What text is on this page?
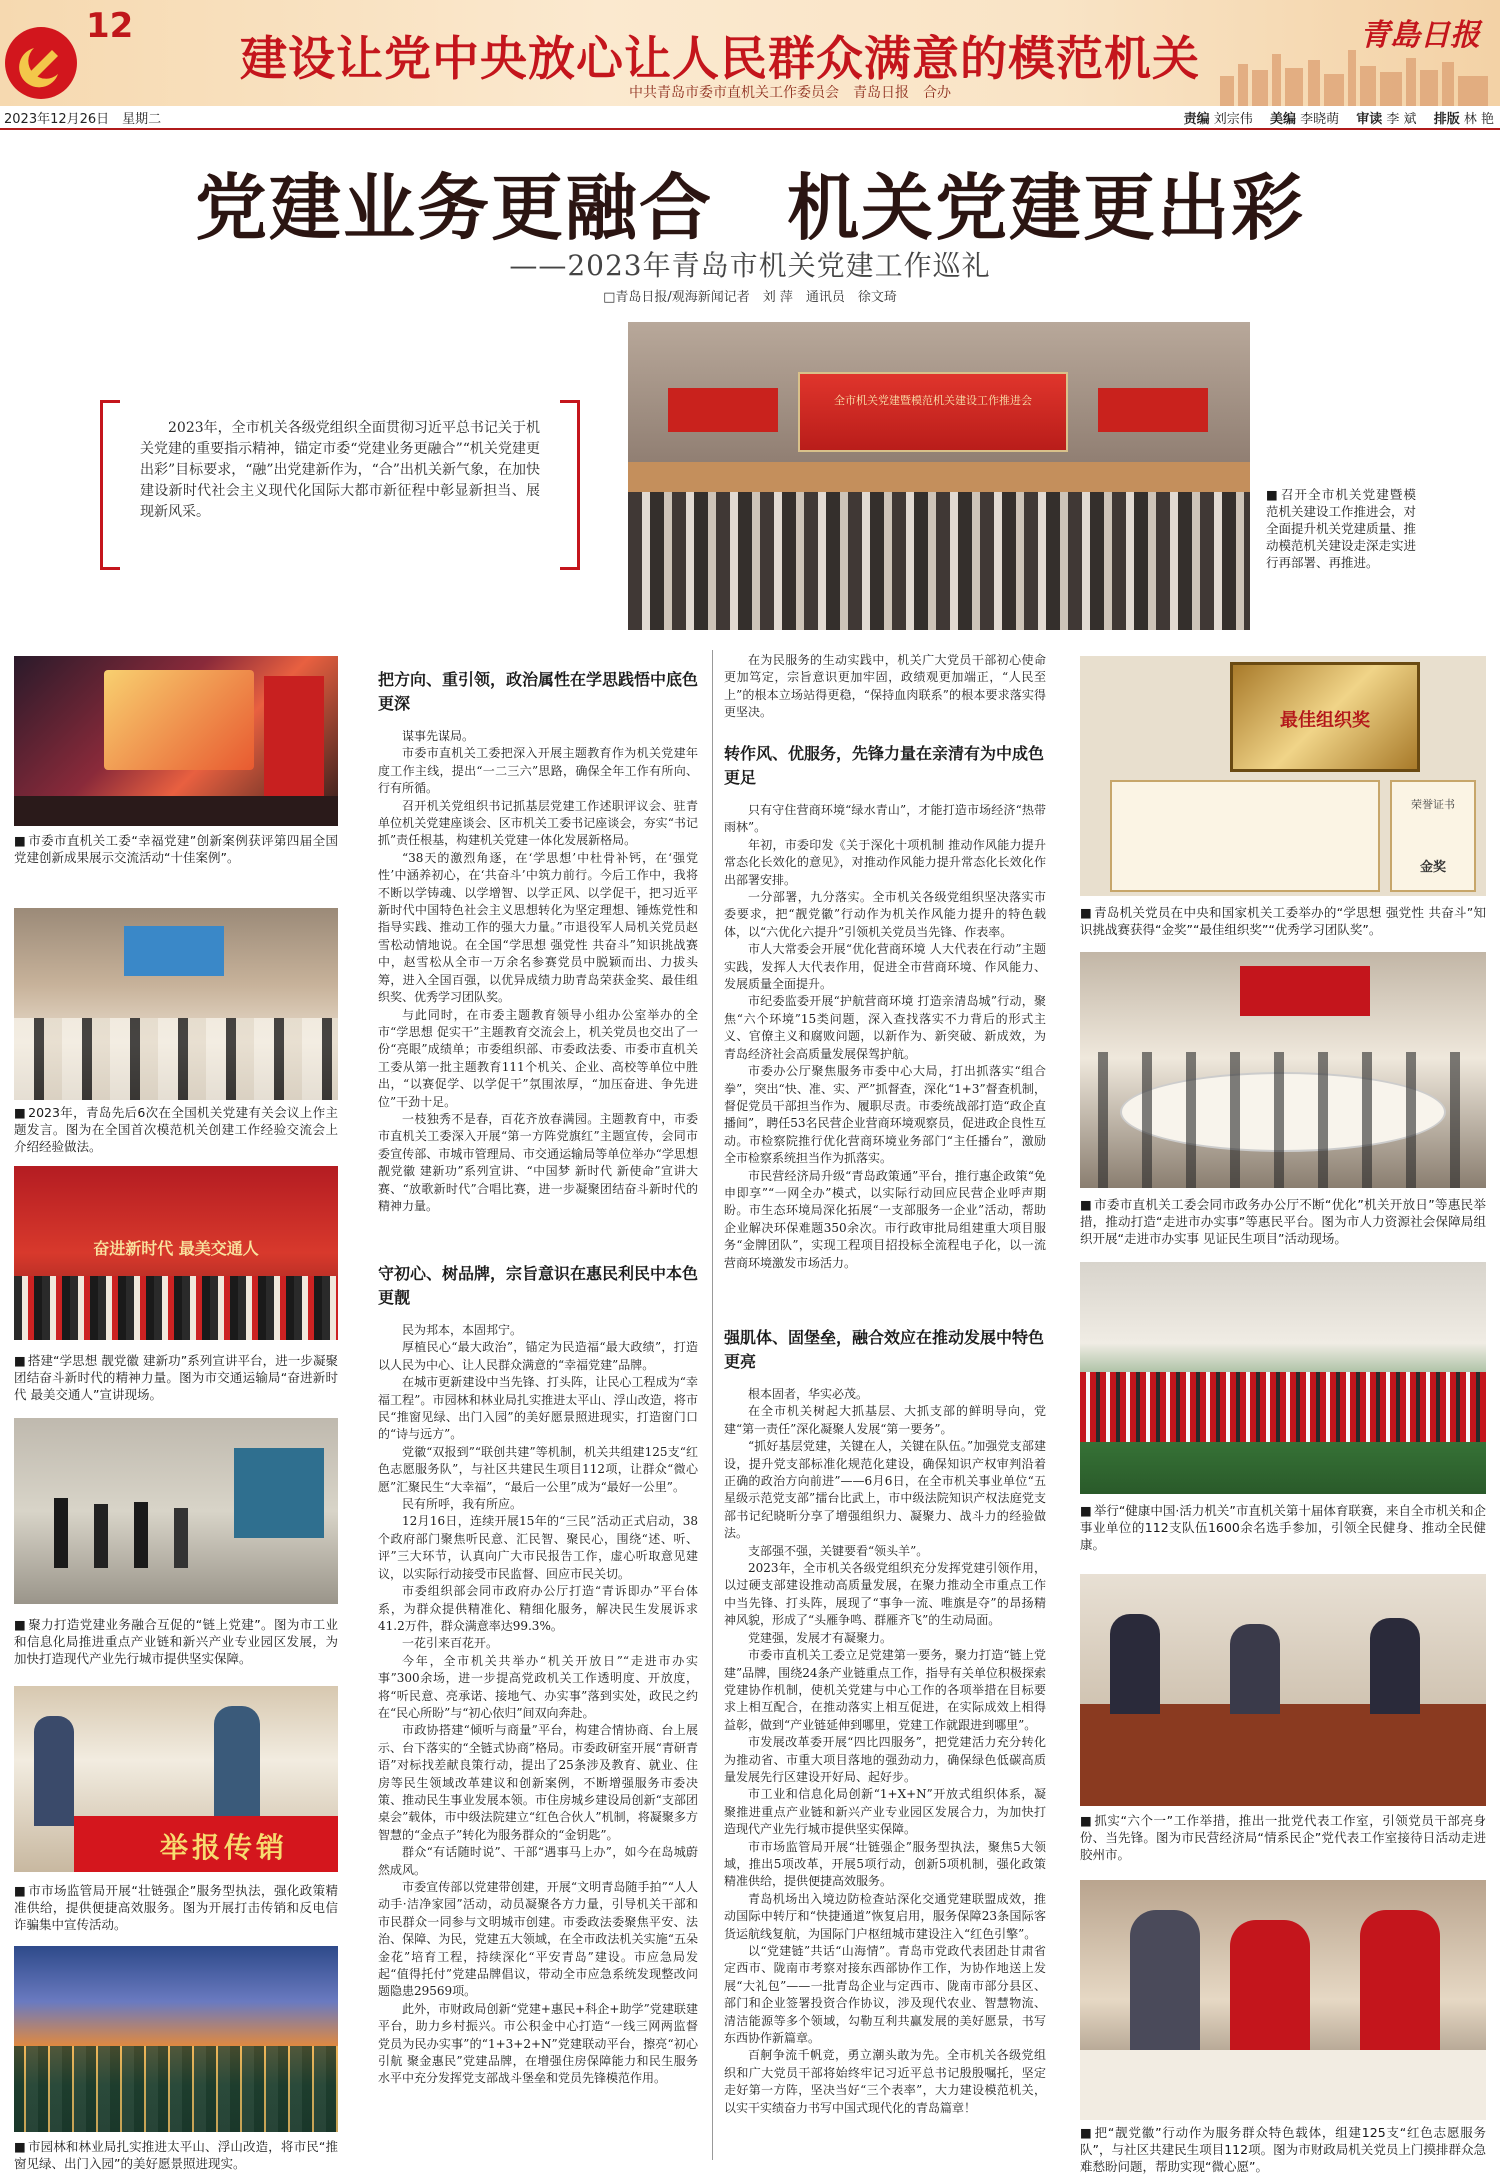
12
建设让党中央放心让人民群众满意的模范机关
中共青岛市委市直机关工作委员会　青岛日报　合办
青島日报
2023年12月26日　星期二	责编 刘宗伟　 美编 李晓萌　 审读 李 斌　 排版 林 艳
党建业务更融合　机关党建更出彩
——2023年青岛市机关党建工作巡礼
□青岛日报/观海新闻记者　刘 萍　通讯员　徐文琦

2023年，全市机关各级党组织全面贯彻习近平总书记关于机关党建的重要指示精神，锚定市委“党建业务更融合”“机关党建更出彩”目标要求，“融”出党建新作为，“合”出机关新气象，在加快建设新时代社会主义现代化国际大都市新征程中彰显新担当、展现新风采。

全市机关党建暨模范机关建设工作推进会
■ 召开全市机关党建暨模范机关建设工作推进会，对全面提升机关党建质量、推动模范机关建设走深走实进行再部署、再推进。
■ 市委市直机关工委“幸福党建”创新案例获评第四届全国党建创新成果展示交流活动“十佳案例”。
■ 2023年，青岛先后6次在全国机关党建有关会议上作主题发言。图为在全国首次模范机关创建工作经验交流会上介绍经验做法。
奋进新时代 最美交通人
■ 搭建“学思想 靓党徽 建新功”系列宣讲平台，进一步凝聚团结奋斗新时代的精神力量。图为市交通运输局“奋进新时代 最美交通人”宣讲现场。
■ 聚力打造党建业务融合互促的“链上党建”。图为市工业和信息化局推进重点产业链和新兴产业专业园区发展，为加快打造现代产业先行城市提供坚实保障。
举报传销
■ 市市场监管局开展“壮链强企”服务型执法，强化政策精准供给，提供便捷高效服务。图为开展打击传销和反电信诈骗集中宣传活动。
■ 市园林和林业局扎实推进太平山、浮山改造，将市民“推窗见绿、出门入园”的美好愿景照进现实。
最佳组织奖
荣誉证书
金奖
■ 青岛机关党员在中央和国家机关工委举办的“学思想 强党性 共奋斗”知识挑战赛获得“金奖”“最佳组织奖”“优秀学习团队奖”。
■ 市委市直机关工委会同市政务办公厅不断“优化”机关开放日”等惠民举措，推动打造“走进市办实事”等惠民平台。图为市人力资源社会保障局组织开展“走进市办实事 见证民生项目”活动现场。
■ 举行“健康中国·活力机关”市直机关第十届体育联赛，来自全市机关和企事业单位的112支队伍1600余名选手参加，引领全民健身、推动全民健康。
■ 抓实“六个一”工作举措，推出一批党代表工作室，引领党员干部亮身份、当先锋。图为市民营经济局“情系民企”党代表工作室接待日活动走进胶州市。
■ 把“靓党徽”行动作为服务群众特色载体，组建125支“红色志愿服务队”，与社区共建民生项目112项。图为市财政局机关党员上门摸排群众急难愁盼问题，帮助实现“微心愿”。
把方向、重引领，政治属性在学思践悟中底色更深

谋事先谋局。

市委市直机关工委把深入开展主题教育作为机关党建年度工作主线，提出“一二三六”思路，确保全年工作有所向、行有所循。

召开机关党组织书记抓基层党建工作述职评议会、驻青单位机关党建座谈会、区市机关工委书记座谈会，夯实“书记抓”责任根基，构建机关党建一体化发展新格局。

“38天的激烈角逐，在‘学思想’中杜骨补钙，在‘强党性’中涵养初心，在‘共奋斗’中筑力前行。今后工作中，我将不断以学铸魂、以学增智、以学正风、以学促干，把习近平新时代中国特色社会主义思想转化为坚定理想、锤炼党性和指导实践、推动工作的强大力量。”市退役军人局机关党员赵雪松动情地说。在全国“学思想 强党性 共奋斗”知识挑战赛中，赵雪松从全市一万余名参赛党员中脱颖而出、力拔头筹，进入全国百强，以优异成绩力助青岛荣获金奖、最佳组织奖、优秀学习团队奖。

与此同时，在市委主题教育领导小组办公室举办的全市“学思想 促实干”主题教育交流会上，机关党员也交出了一份“亮眼”成绩单；市委组织部、市委政法委、市委市直机关工委从第一批主题教育111个机关、企业、高校等单位中胜出，“以赛促学、以学促干”氛围浓厚，“加压奋进、争先进位”干劲十足。

一枝独秀不是春，百花齐放春满园。主题教育中，市委市直机关工委深入开展“第一方阵党旗红”主题宣传，会同市委宣传部、市城市管理局、市交通运输局等单位举办“学思想 靓党徽 建新功”系列宣讲、“中国梦 新时代 新使命”宣讲大赛、“放歌新时代”合唱比赛，进一步凝聚团结奋斗新时代的精神力量。

守初心、树品牌，宗旨意识在惠民利民中本色更靓

民为邦本，本固邦宁。

厚植民心“最大政治”，锚定为民造福“最大政绩”，打造以人民为中心、让人民群众满意的“幸福党建”品牌。

在城市更新建设中当先锋、打头阵，让民心工程成为“幸福工程”。市园林和林业局扎实推进太平山、浮山改造，将市民“推窗见绿、出门入园”的美好愿景照进现实，打造窗门口的“诗与远方”。

党徽“双报到”“联创共建”等机制，机关共组建125支“红色志愿服务队”，与社区共建民生项目112项，让群众“微心愿”汇聚民生“大幸福”，“最后一公里”成为“最好一公里”。

民有所呼，我有所应。

12月16日，连续开展15年的“三民”活动正式启动，38个政府部门聚焦听民意、汇民智、聚民心，围绕“述、听、评”三大环节，认真向广大市民报告工作，虚心听取意见建议，以实际行动接受市民监督、回应市民关切。

市委组织部会同市政府办公厅打造“青诉即办”平台体系，为群众提供精准化、精细化服务，解决民生发展诉求41.2万件，群众满意率达99.3%。

一花引来百花开。

今年，全市机关共举办“机关开放日”“走进市办实事”300余场，进一步提高党政机关工作透明度、开放度，将“听民意、亮承诺、接地气、办实事”落到实处，政民之约在“民心所盼”与“初心依归”间双向奔赴。

市政协搭建“倾听与商量”平台，构建合情协商、台上展示、台下落实的“全链式协商”格局。市委政研室开展“青研青语”对标找差献良策行动，提出了25条涉及教育、就业、住房等民生领域改革建议和创新案例，不断增强服务市委决策、推动民生事业发展本领。市住房城乡建设局创新“支部团桌会”载体，市中级法院建立“红色合伙人”机制，将凝聚多方智慧的“金点子”转化为服务群众的“金钥匙”。

群众“有话随时说”、干部“遇事马上办”，如今在岛城蔚然成风。

市委宣传部以党建带创建，开展“文明青岛随手拍”“人人动手·洁净家园”活动，动员凝聚各方力量，引导机关干部和市民群众一同参与文明城市创建。市委政法委聚焦平安、法治、保障、为民，党建五大领域，在全市政法机关实施“五朵金花”培育工程，持续深化“平安青岛”建设。市应急局发起“值得托付”党建品牌倡议，带动全市应急系统发现整改问题隐患29569项。

此外，市财政局创新“党建+惠民+科企+助学”党建联建平台，助力乡村振兴。市公积金中心打造“一线三网两监督 党员为民办实事”的“1+3+2+N”党建联动平台，擦亮“初心引航 聚金惠民”党建品牌，在增强住房保障能力和民生服务水平中充分发挥党支部战斗堡垒和党员先锋模范作用。

在为民服务的生动实践中，机关广大党员干部初心使命更加笃定，宗旨意识更加牢固，政绩观更加端正，“人民至上”的根本立场站得更稳，“保持血肉联系”的根本要求落实得更坚决。

转作风、优服务，先锋力量在亲清有为中成色更足

只有守住营商环境“绿水青山”，才能打造市场经济“热带雨林”。

年初，市委印发《关于深化十项机制 推动作风能力提升常态化长效化的意见》，对推动作风能力提升常态化长效化作出部署安排。

一分部署，九分落实。全市机关各级党组织坚决落实市委要求，把“靓党徽”行动作为机关作风能力提升的特色载体，以“六优化六提升”引领机关党员当先锋、作表率。

市人大常委会开展“优化营商环境 人大代表在行动”主题实践，发挥人大代表作用，促进全市营商环境、作风能力、发展质量全面提升。

市纪委监委开展“护航营商环境 打造亲清岛城”行动，聚焦“六个环境”15类问题，深入查找落实不力背后的形式主义、官僚主义和腐败问题，以新作为、新突破、新成效，为青岛经济社会高质量发展保驾护航。

市委办公厅聚焦服务市委中心大局，打出抓落实“组合拳”，突出“快、准、实、严”抓督查，深化“1+3”督查机制，督促党员干部担当作为、履职尽责。市委统战部打造“政企直播间”，聘任53名民营企业营商环境观察员，促进政企良性互动。市检察院推行优化营商环境业务部门“主任播台”，激励全市检察系统担当作为抓落实。

市民营经济局升级“青岛政策通”平台，推行惠企政策“免申即享”“一网全办”模式，以实际行动回应民营企业呼声期盼。市生态环境局深化拓展“一支部服务一企业”活动，帮助企业解决环保难题350余次。市行政审批局组建重大项目服务“金牌团队”，实现工程项目招投标全流程电子化，以一流营商环境激发市场活力。

强肌体、固堡垒，融合效应在推动发展中特色更亮

根本固者，华实必茂。

在全市机关树起大抓基层、大抓支部的鲜明导向，党建“第一责任”深化凝聚人发展“第一要务”。

“抓好基层党建，关键在人，关键在队伍。”加强党支部建设，提升党支部标准化规范化建设，确保知识产权审判沿着正确的政治方向前进”——6月6日，在全市机关事业单位“五星级示范党支部”擂台比武上，市中级法院知识产权法庭党支部书记纪晓昕分享了增强组织力、凝聚力、战斗力的经验做法。

支部强不强，关键要看“领头羊”。

2023年，全市机关各级党组织充分发挥党建引领作用，以过硬支部建设推动高质量发展，在聚力推动全市重点工作中当先锋、打头阵，展现了“事争一流、唯旗是夺”的昂扬精神风貌，形成了“头雁争鸣、群雁齐飞”的生动局面。

党建强，发展才有凝聚力。

市委市直机关工委立足党建第一要务，聚力打造“链上党建”品牌，围绕24条产业链重点工作，指导有关单位积极探索党建协作机制，使机关党建与中心工作的各项举措在目标要求上相互配合，在推动落实上相互促进，在实际成效上相得益彰，做到“产业链延伸到哪里，党建工作就跟进到哪里”。

市发展改革委开展“四比四服务”，把党建活力充分转化为推动省、市重大项目落地的强劲动力，确保绿色低碳高质量发展先行区建设开好局、起好步。

市工业和信息化局创新“1+X+N”开放式组织体系，凝聚推进重点产业链和新兴产业专业园区发展合力，为加快打造现代产业先行城市提供坚实保障。

市市场监管局开展“壮链强企”服务型执法，聚焦5大领域，推出5项改革，开展5项行动，创新5项机制，强化政策精准供给，提供便捷高效服务。

青岛机场出入境边防检查站深化交通党建联盟成效，推动国际中转厅和“快捷通道”恢复启用，服务保障23条国际客货运航线复航，为国际门户枢纽城市建设注入“红色引擎”。

以“党建链”共话“山海情”。青岛市党政代表团赴甘肃省定西市、陇南市考察对接东西部协作工作，为协作地送上发展“大礼包”——一批青岛企业与定西市、陇南市部分县区、部门和企业签署投资合作协议，涉及现代农业、智慧物流、清洁能源等多个领域，勾勒互利共赢发展的美好愿景，书写东西协作新篇章。

百舸争流千帆竞，勇立潮头敢为先。全市机关各级党组织和广大党员干部将始终牢记习近平总书记殷殷嘱托，坚定走好第一方阵，坚决当好“三个表率”，大力建设模范机关，以实干实绩奋力书写中国式现代化的青岛篇章！
